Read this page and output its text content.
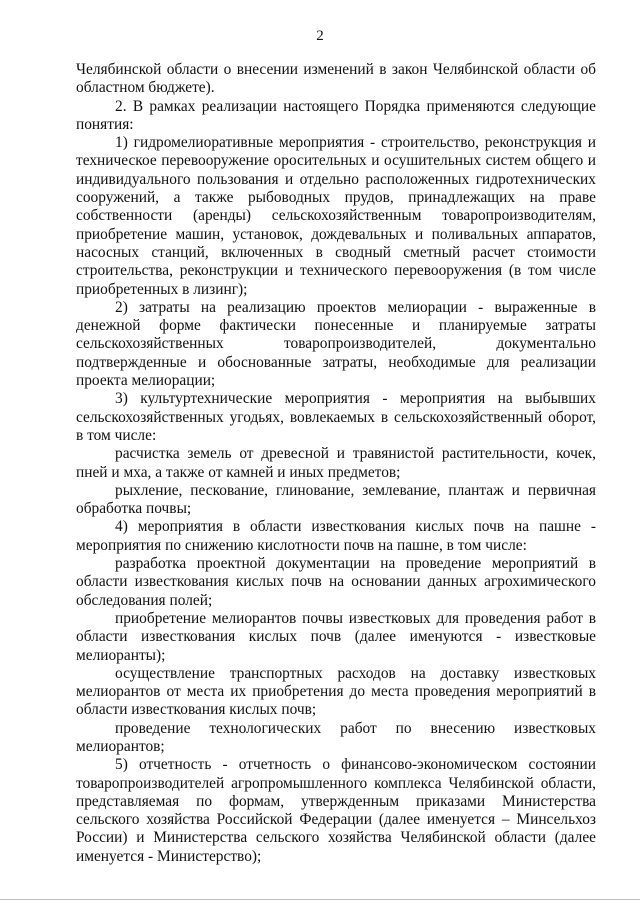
2

Челябинской области о внесении изменений в закон Челябинской области об областном бюджете).

2. В рамках реализации настоящего Порядка применяются следующие понятия:

1) гидромелиоративные мероприятия - строительство, реконструкция и техническое перевооружение оросительных и осушительных систем общего и индивидуального пользования и отдельно расположенных гидротехнических сооружений, а также рыбоводных прудов, принадлежащих на праве собственности (аренды) сельскохозяйственным товаропроизводителям, приобретение машин, установок, дождевальных и поливальных аппаратов, насосных станций, включенных в сводный сметный расчет стоимости строительства, реконструкции и технического перевооружения (в том числе приобретенных в лизинг);

2) затраты на реализацию проектов мелиорации - выраженные в денежной форме фактически понесенные и планируемые затраты сельскохозяйственных товаропроизводителей, документально подтвержденные и обоснованные затраты, необходимые для реализации проекта мелиорации;

3) культуртехнические мероприятия - мероприятия на выбывших сельскохозяйственных угодьях, вовлекаемых в сельскохозяйственный оборот, в том числе:

расчистка земель от древесной и травянистой растительности, кочек, пней и мха, а также от камней и иных предметов;

рыхление, пескование, глинование, землевание, плантаж и первичная обработка почвы;

4) мероприятия в области известкования кислых почв на пашне - мероприятия по снижению кислотности почв на пашне, в том числе:

разработка проектной документации на проведение мероприятий в области известкования кислых почв на основании данных агрохимического обследования полей;

приобретение мелиорантов почвы известковых для проведения работ в области известкования кислых почв (далее именуются - известковые мелиоранты);

осуществление транспортных расходов на доставку известковых мелиорантов от места их приобретения до места проведения мероприятий в области известкования кислых почв;

проведение технологических работ по внесению известковых мелиорантов;

5) отчетность - отчетность о финансово-экономическом состоянии товаропроизводителей агропромышленного комплекса Челябинской области, представляемая по формам, утвержденным приказами Министерства сельского хозяйства Российской Федерации (далее именуется – Минсельхоз России) и Министерства сельского хозяйства Челябинской области (далее именуется - Министерство);
